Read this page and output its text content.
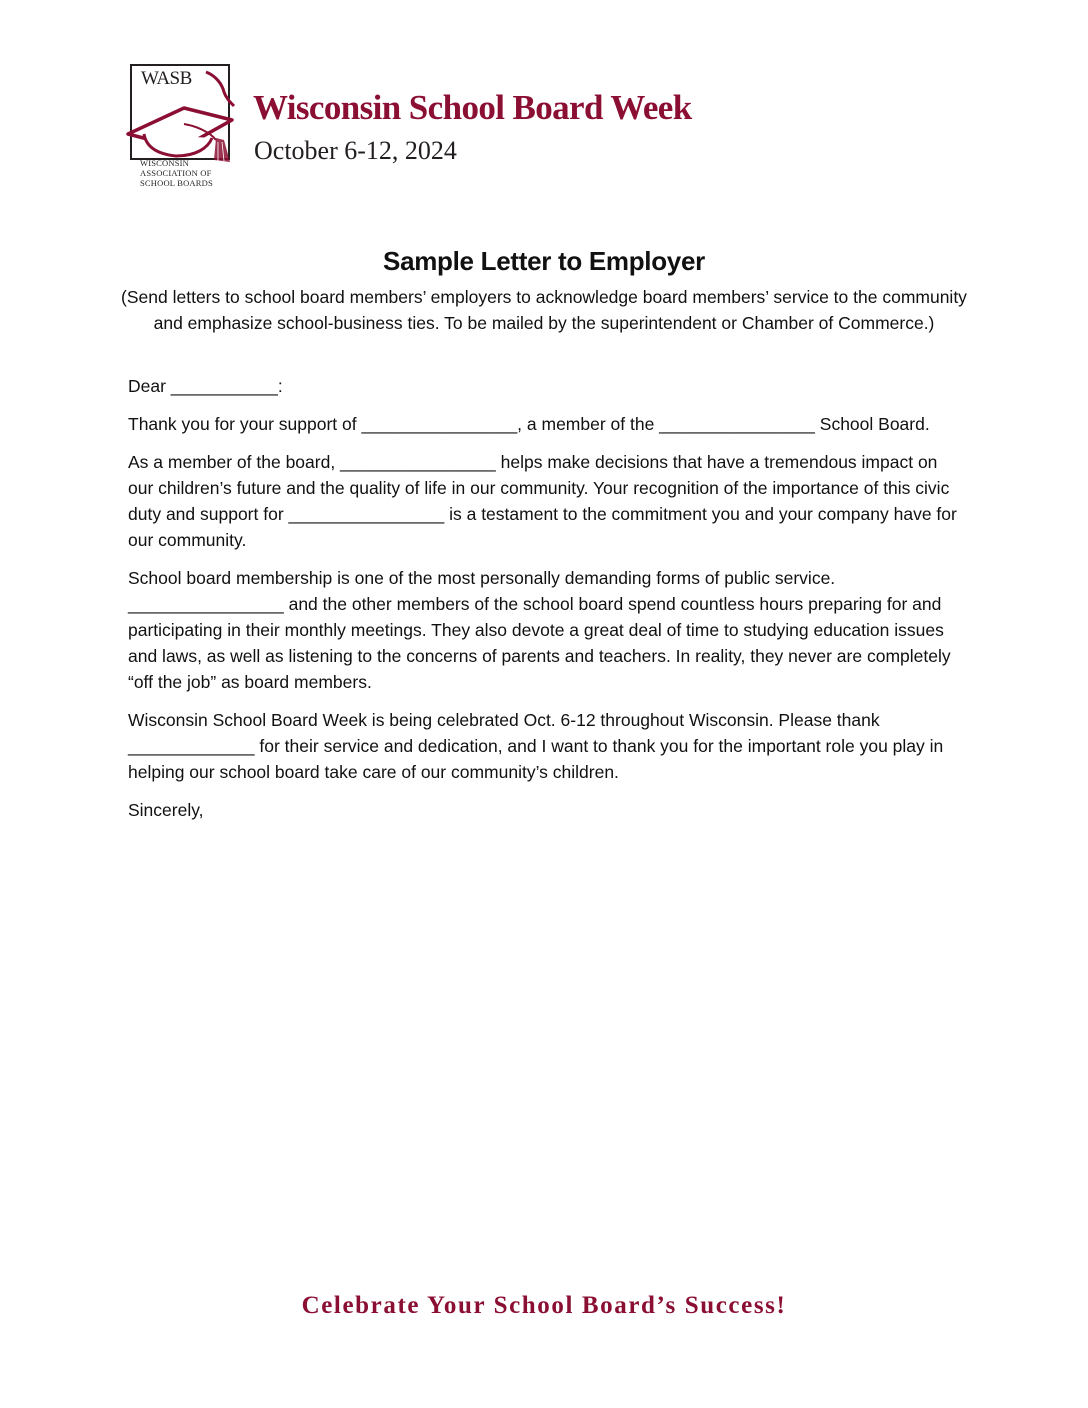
WASB
WISCONSIN
ASSOCIATION OF
SCHOOL BOARDS
Wisconsin School Board Week
October 6-12, 2024
Sample Letter to Employer
(Send letters to school board members’ employers to acknowledge board members’ service to the community and emphasize school-business ties. To be mailed by the superintendent or Chamber of Commerce.)

Dear ___________:

Thank you for your support of ________________, a member of the ________________ School Board.

As a member of the board, ________________ helps make decisions that have a tremendous impact on our children’s future and the quality of life in our community. Your recognition of the importance of this civic duty and support for ________________ is a testament to the commitment you and your company have for our community.

School board membership is one of the most personally demanding forms of public service. ________________ and the other members of the school board spend countless hours preparing for and participating in their monthly meetings. They also devote a great deal of time to studying education issues and laws, as well as listening to the concerns of parents and teachers. In reality, they never are completely “off the job” as board members.

Wisconsin School Board Week is being celebrated Oct. 6-12 throughout Wisconsin. Please thank _____________ for their service and dedication, and I want to thank you for the important role you play in helping our school board take care of our community’s children.

Sincerely,

Celebrate Your School Board’s Success!
